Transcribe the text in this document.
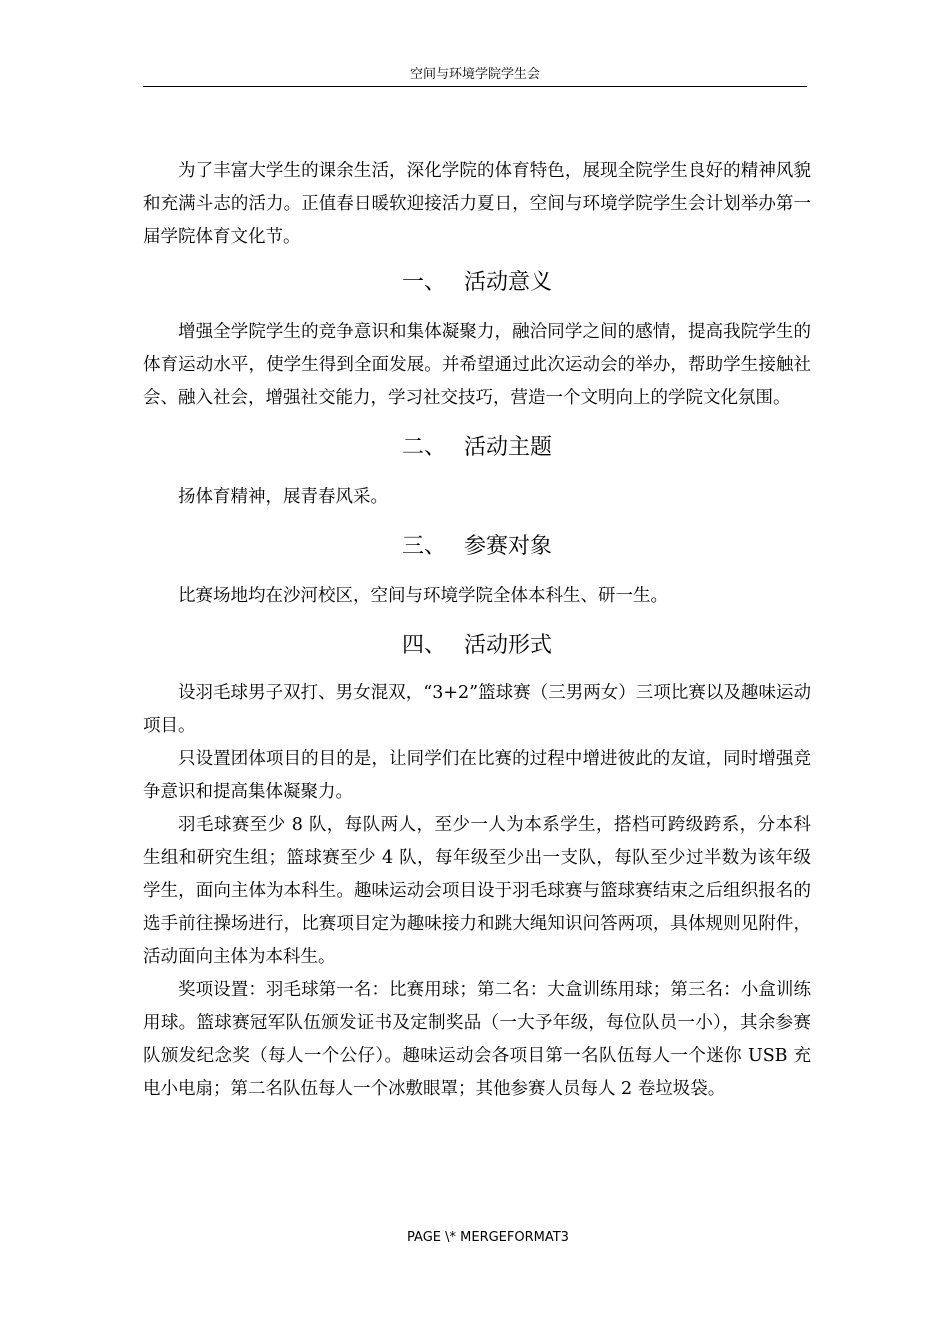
空间与环境学院学生会

为了丰富大学生的课余生活，深化学院的体育特色，展现全院学生良好的精神风貌和充满斗志的活力。正值春日暖软迎接活力夏日，空间与环境学院学生会计划举办第一届学院体育文化节。

一、 活动意义

增强全学院学生的竞争意识和集体凝聚力，融洽同学之间的感情，提高我院学生的体育运动水平，使学生得到全面发展。并希望通过此次运动会的举办，帮助学生接触社会、融入社会，增强社交能力，学习社交技巧，营造一个文明向上的学院文化氛围。

二、 活动主题

扬体育精神，展青春风采。

三、 参赛对象

比赛场地均在沙河校区，空间与环境学院全体本科生、研一生。

四、 活动形式

设羽毛球男子双打、男女混双，“3+2”篮球赛（三男两女）三项比赛以及趣味运动项目。

只设置团体项目的目的是，让同学们在比赛的过程中增进彼此的友谊，同时增强竞争意识和提高集体凝聚力。

羽毛球赛至少 8 队，每队两人，至少一人为本系学生，搭档可跨级跨系，分本科生组和研究生组；篮球赛至少 4 队，每年级至少出一支队，每队至少过半数为该年级学生，面向主体为本科生。趣味运动会项目设于羽毛球赛与篮球赛结束之后组织报名的选手前往操场进行，比赛项目定为趣味接力和跳大绳知识问答两项，具体规则见附件，活动面向主体为本科生。

奖项设置：羽毛球第一名：比赛用球；第二名：大盒训练用球；第三名：小盒训练用球。篮球赛冠军队伍颁发证书及定制奖品（一大予年级，每位队员一小），其余参赛队颁发纪念奖（每人一个公仔）。趣味运动会各项目第一名队伍每人一个迷你 USB 充电小电扇；第二名队伍每人一个冰敷眼罩；其他参赛人员每人 2 卷垃圾袋。

PAGE \* MERGEFORMAT3
